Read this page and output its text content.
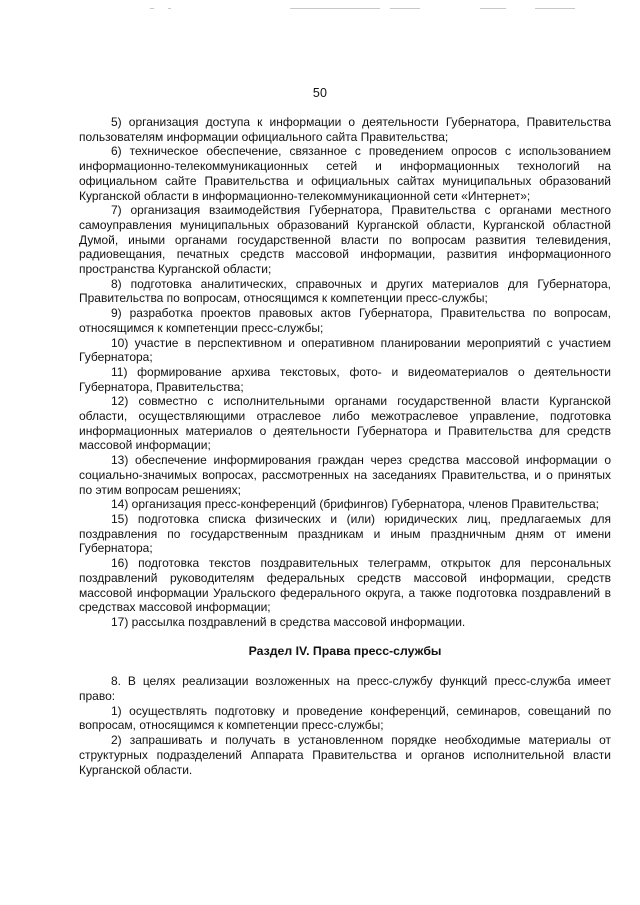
50

5) организация доступа к информации о деятельности Губернатора, Правительства пользователям информации официального сайта Правительства;

6) техническое обеспечение, связанное с проведением опросов с использованием информационно-телекоммуникационных сетей и информационных технологий на официальном сайте Правительства и официальных сайтах муниципальных образований Курганской области в информационно-телекоммуникационной сети «Интернет»;

7) организация взаимодействия Губернатора, Правительства с органами местного самоуправления муниципальных образований Курганской области, Курганской областной Думой, иными органами государственной власти по вопросам развития телевидения, радиовещания, печатных средств массовой информации, развития информационного пространства Курганской области;

8) подготовка аналитических, справочных и других материалов для Губернатора, Правительства по вопросам, относящимся к компетенции пресс-службы;

9) разработка проектов правовых актов Губернатора, Правительства по вопросам, относящимся к компетенции пресс-службы;

10) участие в перспективном и оперативном планировании мероприятий с участием Губернатора;

11) формирование архива текстовых, фото- и видеоматериалов о деятельности Губернатора, Правительства;

12) совместно с исполнительными органами государственной власти Курганской области, осуществляющими отраслевое либо межотраслевое управление, подготовка информационных материалов о деятельности Губернатора и Правительства для средств массовой информации;

13) обеспечение информирования граждан через средства массовой информации о социально-значимых вопросах, рассмотренных на заседаниях Правительства, и о принятых по этим вопросам решениях;

14) организация пресс-конференций (брифингов) Губернатора, членов Правительства;

15) подготовка списка физических и (или) юридических лиц, предлагаемых для поздравления по государственным праздникам и иным праздничным дням от имени Губернатора;

16) подготовка текстов поздравительных телеграмм, открыток для персональных поздравлений руководителям федеральных средств массовой информации, средств массовой информации Уральского федерального округа, а также подготовка поздравлений в средствах массовой информации;

17) рассылка поздравлений в средства массовой информации.

Раздел IV. Права пресс-службы

8. В целях реализации возложенных на пресс-службу функций пресс-служба имеет право:

1) осуществлять подготовку и проведение конференций, семинаров, совещаний по вопросам, относящимся к компетенции пресс-службы;

2) запрашивать и получать в установленном порядке необходимые материалы от структурных подразделений Аппарата Правительства и органов исполнительной власти Курганской области.
